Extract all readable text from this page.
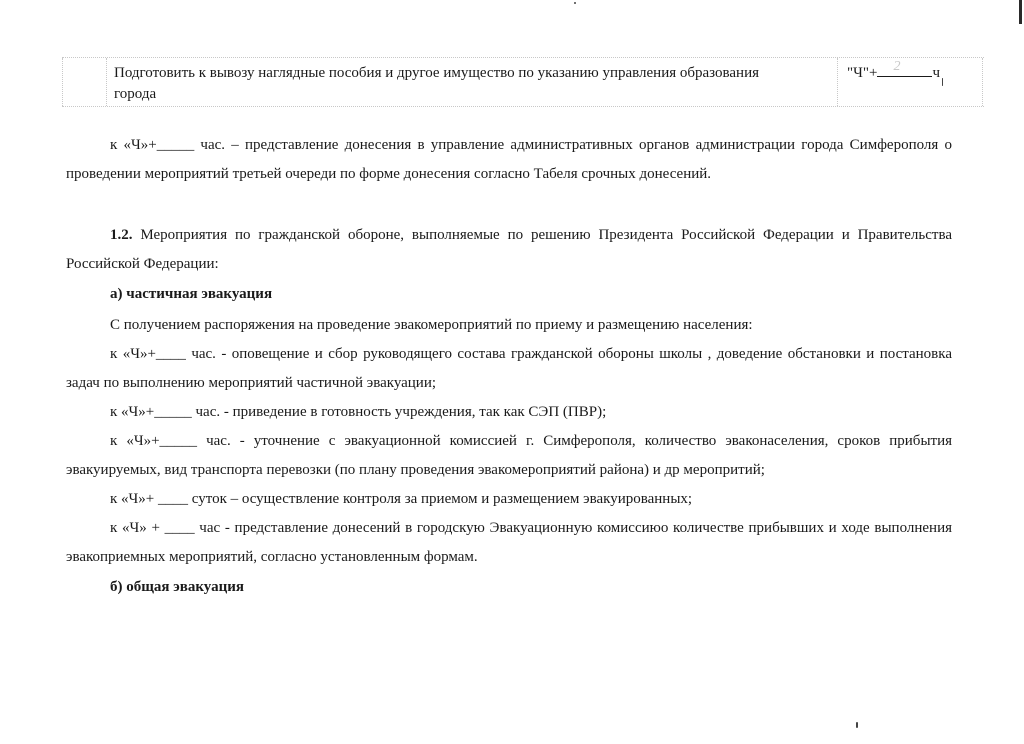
Подготовить к вывозу наглядные пособия и другое имущество по указанию управления образования города
"Ч"+ 2 ч

к «Ч»+_____ час. – представление донесения в управление административных органов администрации города Симферополя о проведении мероприятий третьей очереди по форме донесения согласно Табеля срочных донесений.

1.2. Мероприятия по гражданской обороне, выполняемые по решению Президента Российской Федерации и Правительства Российской Федерации:

а) частичная эвакуация
С получением распоряжения на проведение эвакомероприятий по приему и размещению населения:

к «Ч»+____ час. - оповещение и сбор руководящего состава гражданской обороны школы , доведение обстановки и постановка задач по выполнению мероприятий частичной эвакуации;

к «Ч»+_____ час. - приведение в готовность учреждения, так как СЭП (ПВР);

к «Ч»+_____ час. - уточнение с эвакуационной комиссией г. Симферополя, количество эваконаселения, сроков прибытия эвакуируемых, вид транспорта перевозки (по плану проведения эвакомероприятий района) и др меропритий;

к «Ч»+ ____ суток – осуществление контроля за приемом и размещением эвакуированных;

к «Ч» + ____ час - представление донесений в городскую Эвакуационную комиссиюо количестве прибывших и ходе выполнения эвакоприемных мероприятий, согласно установленным формам.

б) общая эвакуация
